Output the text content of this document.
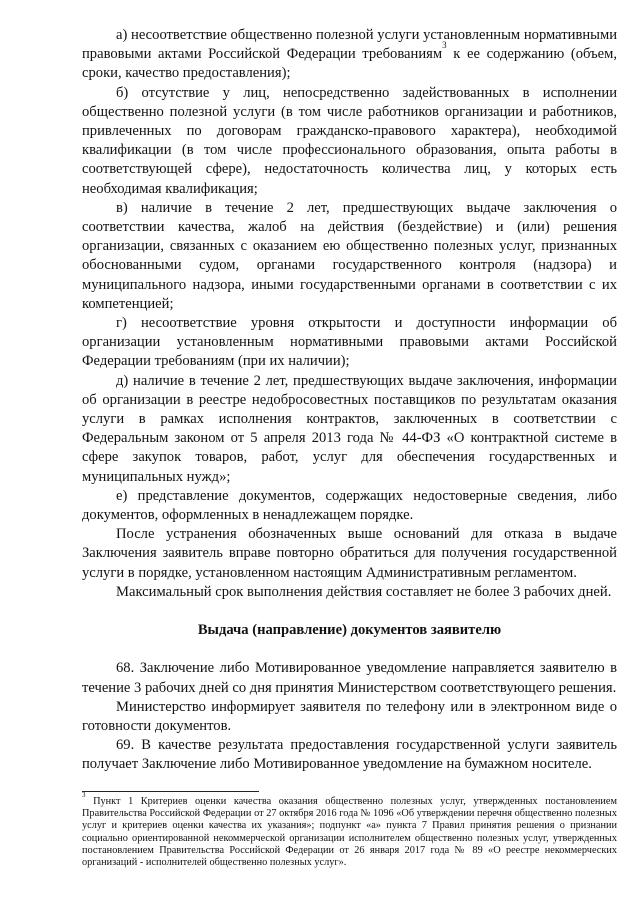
а) несоответствие общественно полезной услуги установленным нормативными правовыми актами Российской Федерации требованиям$^3$ к ее содержанию (объем, сроки, качество предоставления);

б) отсутствие у лиц, непосредственно задействованных в исполнении общественно полезной услуги (в том числе работников организации и работников, привлеченных по договорам гражданско-правового характера), необходимой квалификации (в том числе профессионального образования, опыта работы в соответствующей сфере), недостаточность количества лиц, у которых есть необходимая квалификация;

в) наличие в течение 2 лет, предшествующих выдаче заключения о соответствии качества, жалоб на действия (бездействие) и (или) решения организации, связанных с оказанием ею общественно полезных услуг, признанных обоснованными судом, органами государственного контроля (надзора) и муниципального надзора, иными государственными органами в соответствии с их компетенцией;

г) несоответствие уровня открытости и доступности информации об организации установленным нормативными правовыми актами Российской Федерации требованиям (при их наличии);

д) наличие в течение 2 лет, предшествующих выдаче заключения, информации об организации в реестре недобросовестных поставщиков по результатам оказания услуги в рамках исполнения контрактов, заключенных в соответствии с Федеральным законом от 5 апреля 2013 года № 44-ФЗ «О контрактной системе в сфере закупок товаров, работ, услуг для обеспечения государственных и муниципальных нужд»;

е) представление документов, содержащих недостоверные сведения, либо документов, оформленных в ненадлежащем порядке.

После устранения обозначенных выше оснований для отказа в выдаче Заключения заявитель вправе повторно обратиться для получения государственной услуги в порядке, установленном настоящим Административным регламентом.

Максимальный срок выполнения действия составляет не более 3 рабочих дней.

Выдача (направление) документов заявителю

68. Заключение либо Мотивированное уведомление направляется заявителю в течение 3 рабочих дней со дня принятия Министерством соответствующего решения.

Министерство информирует заявителя по телефону или в электронном виде о готовности документов.

69. В качестве результата предоставления государственной услуги заявитель получает Заключение либо Мотивированное уведомление на бумажном носителе.

$^3$ Пункт 1 Критериев оценки качества оказания общественно полезных услуг, утвержденных постановлением Правительства Российской Федерации от 27 октября 2016 года № 1096 «Об утверждении перечня общественно полезных услуг и критериев оценки качества их указания»; подпункт «а» пункта 7 Правил принятия решения о признании социально ориентированной некоммерческой организации исполнителем общественно полезных услуг, утвержденных постановлением Правительства Российской Федерации от 26 января 2017 года № 89 «О реестре некоммерческих организаций - исполнителей общественно полезных услуг».
